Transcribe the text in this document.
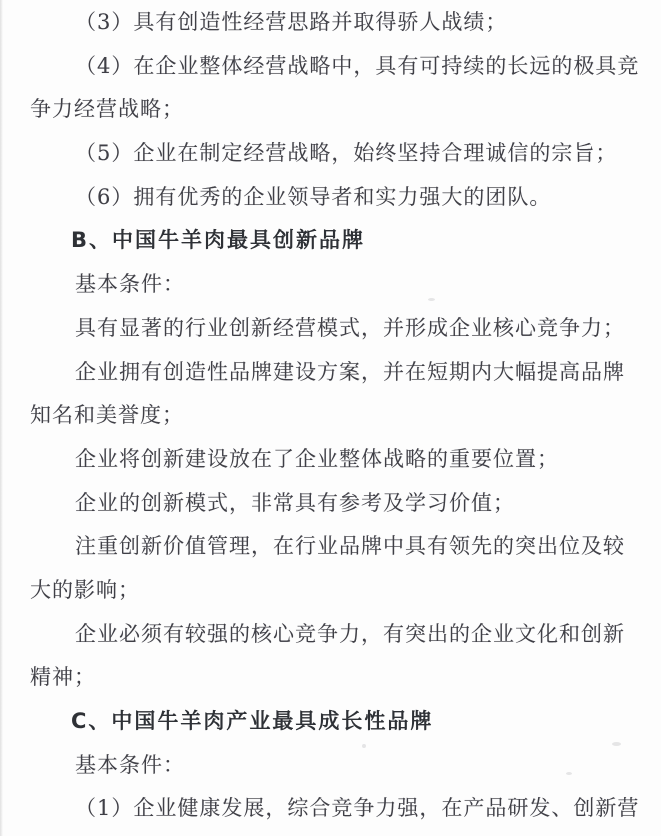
（3）具有创造性经营思路并取得骄人战绩；
（4）在企业整体经营战略中，具有可持续的长远的极具竞
争力经营战略；
（5）企业在制定经营战略，始终坚持合理诚信的宗旨；
（6）拥有优秀的企业领导者和实力强大的团队。
B、中国牛羊肉最具创新品牌
基本条件：
具有显著的行业创新经营模式，并形成企业核心竞争力；
企业拥有创造性品牌建设方案，并在短期内大幅提高品牌
知名和美誉度；
企业将创新建设放在了企业整体战略的重要位置；
企业的创新模式，非常具有参考及学习价值；
注重创新价值管理，在行业品牌中具有领先的突出位及较
大的影响；
企业必须有较强的核心竞争力，有突出的企业文化和创新
精神；
C、中国牛羊肉产业最具成长性品牌
基本条件：
（1）企业健康发展，综合竞争力强，在产品研发、创新营
